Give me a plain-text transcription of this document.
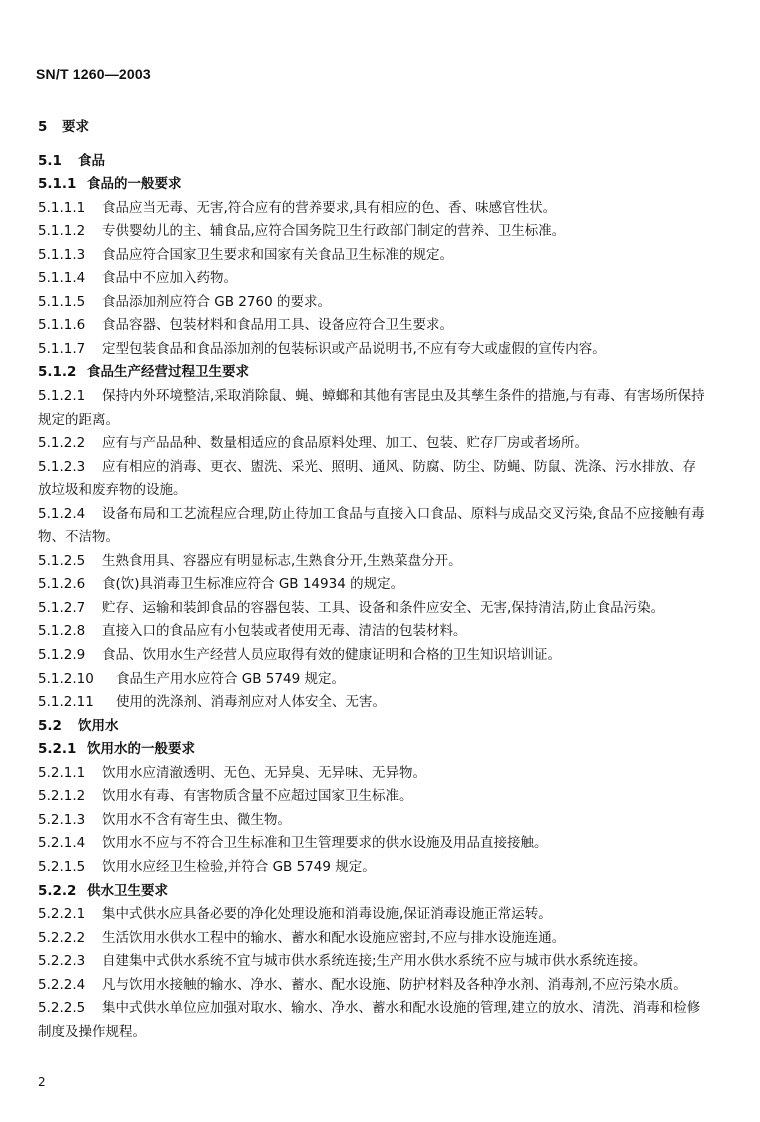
SN/T 1260—2003
5 要求
5.1 食品
5.1.1 食品的一般要求
5.1.1.1 食品应当无毒、无害,符合应有的营养要求,具有相应的色、香、味感官性状。
5.1.1.2 专供婴幼儿的主、辅食品,应符合国务院卫生行政部门制定的营养、卫生标准。
5.1.1.3 食品应符合国家卫生要求和国家有关食品卫生标准的规定。
5.1.1.4 食品中不应加入药物。
5.1.1.5 食品添加剂应符合 GB 2760 的要求。
5.1.1.6 食品容器、包装材料和食品用工具、设备应符合卫生要求。
5.1.1.7 定型包装食品和食品添加剂的包装标识或产品说明书,不应有夸大或虚假的宣传内容。
5.1.2 食品生产经营过程卫生要求
5.1.2.1 保持内外环境整洁,采取消除鼠、蝇、蟑螂和其他有害昆虫及其孳生条件的措施,与有毒、有害场所保持规定的距离。
5.1.2.2 应有与产品品种、数量相适应的食品原料处理、加工、包装、贮存厂房或者场所。
5.1.2.3 应有相应的消毒、更衣、盥洗、采光、照明、通风、防腐、防尘、防蝇、防鼠、洗涤、污水排放、存放垃圾和废弃物的设施。
5.1.2.4 设备布局和工艺流程应合理,防止待加工食品与直接入口食品、原料与成品交叉污染,食品不应接触有毒物、不洁物。
5.1.2.5 生熟食用具、容器应有明显标志,生熟食分开,生熟菜盘分开。
5.1.2.6 食(饮)具消毒卫生标准应符合 GB 14934 的规定。
5.1.2.7 贮存、运输和装卸食品的容器包装、工具、设备和条件应安全、无害,保持清洁,防止食品污染。
5.1.2.8 直接入口的食品应有小包装或者使用无毒、清洁的包装材料。
5.1.2.9 食品、饮用水生产经营人员应取得有效的健康证明和合格的卫生知识培训证。
5.1.2.10 食品生产用水应符合 GB 5749 规定。
5.1.2.11 使用的洗涤剂、消毒剂应对人体安全、无害。
5.2 饮用水
5.2.1 饮用水的一般要求
5.2.1.1 饮用水应清澈透明、无色、无异臭、无异味、无异物。
5.2.1.2 饮用水有毒、有害物质含量不应超过国家卫生标准。
5.2.1.3 饮用水不含有寄生虫、微生物。
5.2.1.4 饮用水不应与不符合卫生标准和卫生管理要求的供水设施及用品直接接触。
5.2.1.5 饮用水应经卫生检验,并符合 GB 5749 规定。
5.2.2 供水卫生要求
5.2.2.1 集中式供水应具备必要的净化处理设施和消毒设施,保证消毒设施正常运转。
5.2.2.2 生活饮用水供水工程中的输水、蓄水和配水设施应密封,不应与排水设施连通。
5.2.2.3 自建集中式供水系统不宜与城市供水系统连接;生产用水供水系统不应与城市供水系统连接。
5.2.2.4 凡与饮用水接触的输水、净水、蓄水、配水设施、防护材料及各种净水剂、消毒剂,不应污染水质。
5.2.2.5 集中式供水单位应加强对取水、输水、净水、蓄水和配水设施的管理,建立的放水、清洗、消毒和检修制度及操作规程。
2
